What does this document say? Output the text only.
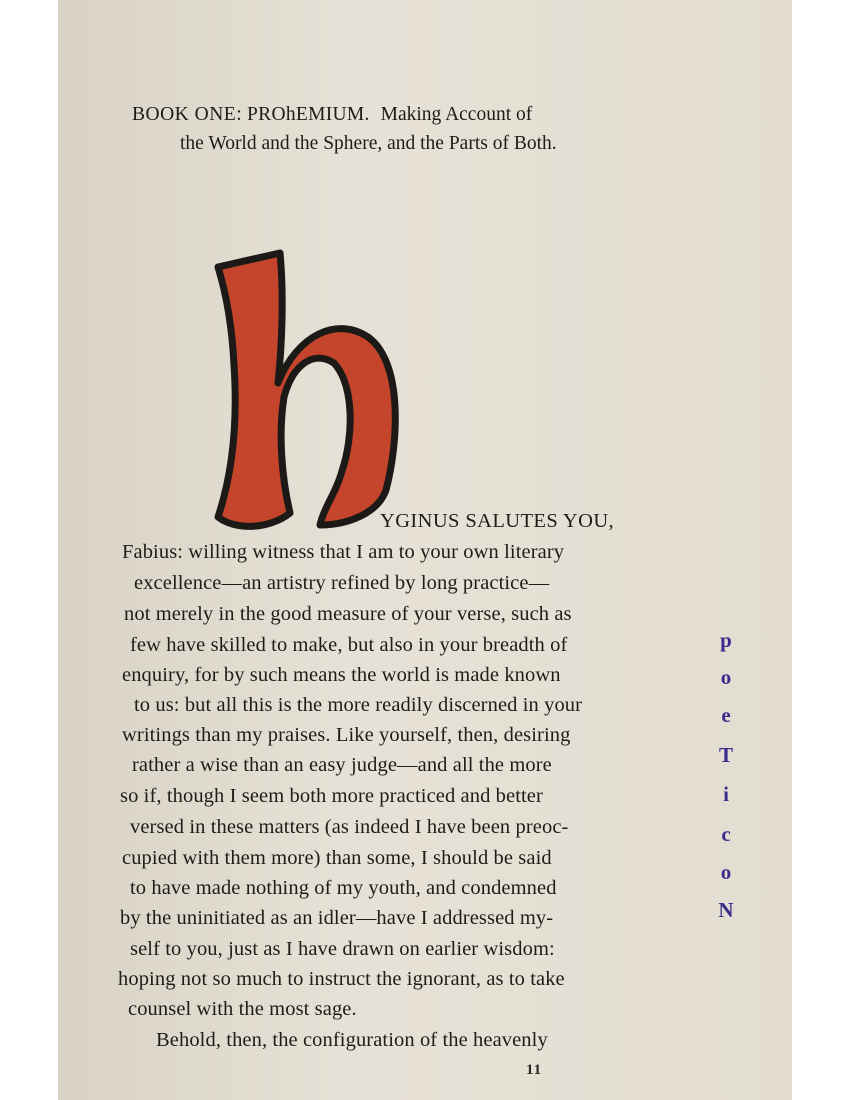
BOOK ONE: PROhEMIUM. Making Account of
the World and the Sphere, and the Parts of Both.
YGINUS SALUTES YOU,
Fabius: willing witness that I am to your own literary
excellence—an artistry refined by long practice—
not merely in the good measure of your verse, such as
few have skilled to make, but also in your breadth of
enquiry, for by such means the world is made known
to us: but all this is the more readily discerned in your
writings than my praises. Like yourself, then, desiring
rather a wise than an easy judge—and all the more
so if, though I seem both more practiced and better
versed in these matters (as indeed I have been preoc-
cupied with them more) than some, I should be said
to have made nothing of my youth, and condemned
by the uninitiated as an idler—have I addressed my-
self to you, just as I have drawn on earlier wisdom:
hoping not so much to instruct the ignorant, as to take
counsel with the most sage.
Behold, then, the configuration of the heavenly
p
o
e
T
i
c
o
N
11
